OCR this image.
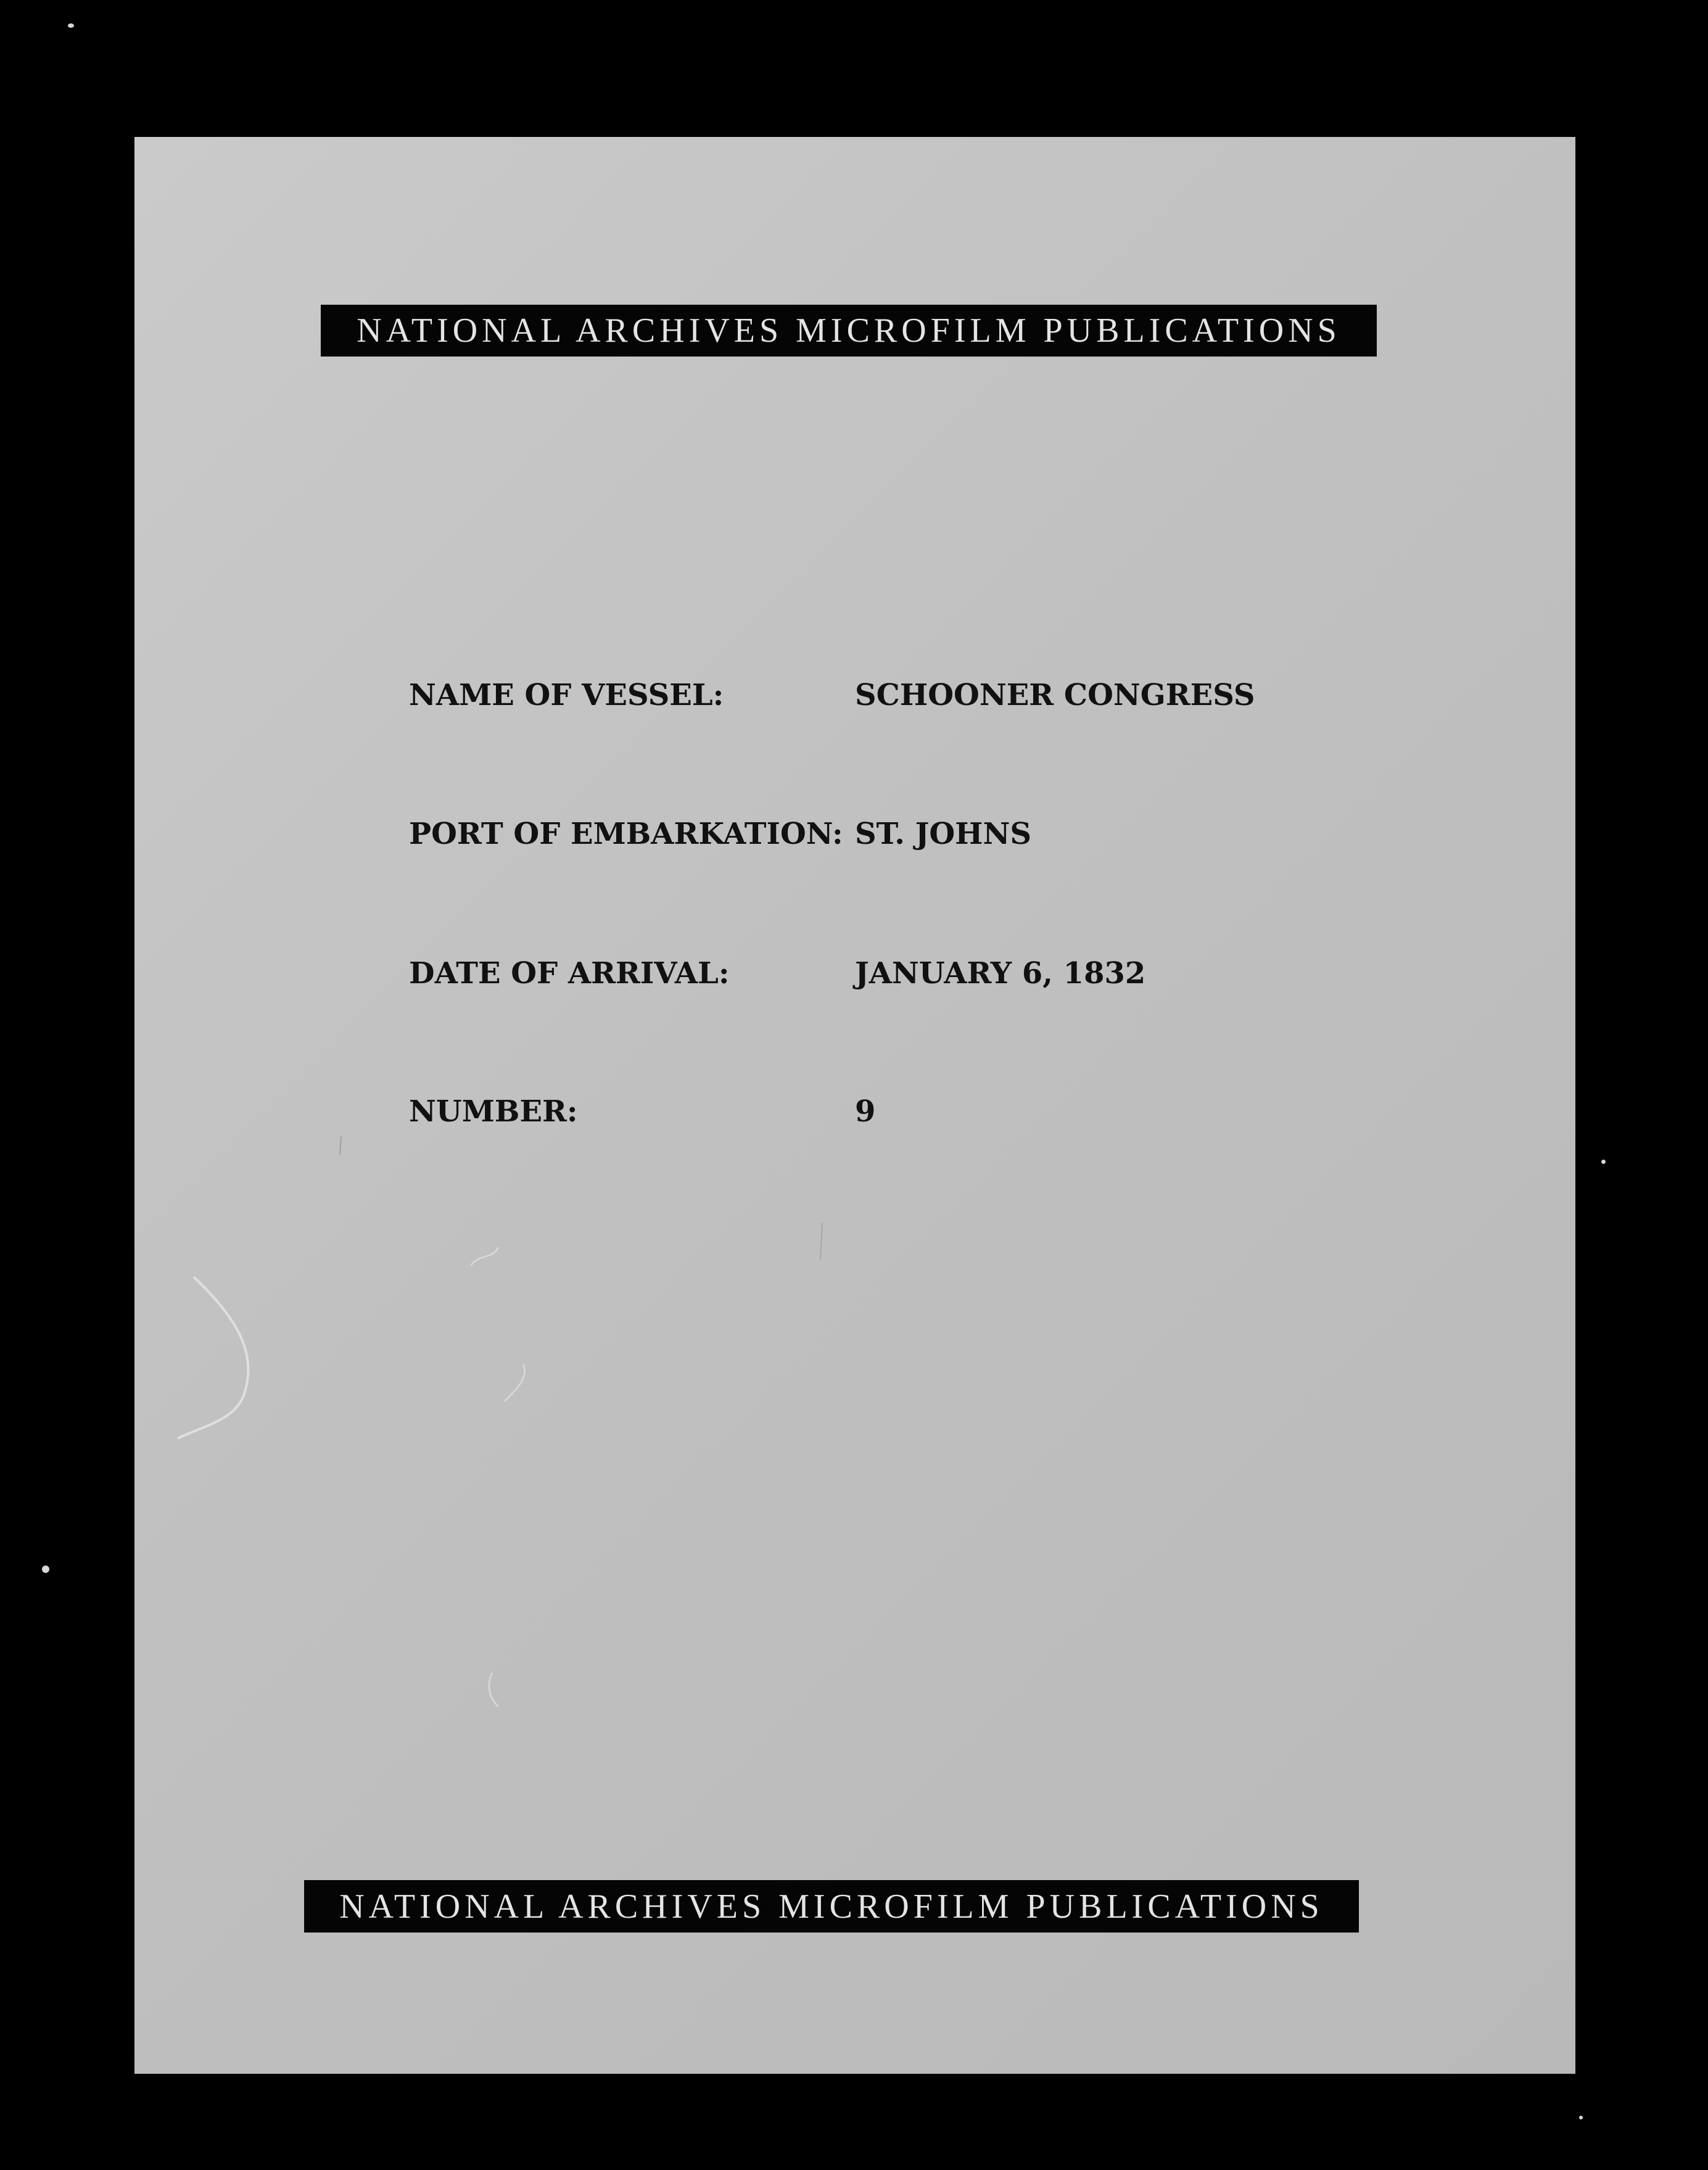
NATIONAL ARCHIVES MICROFILM PUBLICATIONS
NAME OF VESSEL:	SCHOONER CONGRESS
PORT OF EMBARKATION: ST. JOHNS
DATE OF ARRIVAL:	JANUARY 6, 1832
NUMBER:	9
NATIONAL ARCHIVES MICROFILM PUBLICATIONS
